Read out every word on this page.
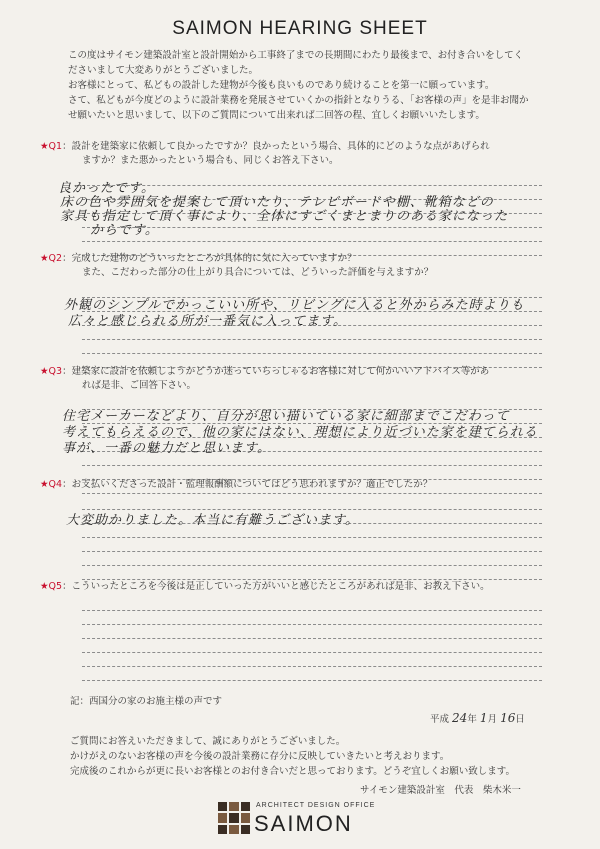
SAIMON HEARING SHEET
この度はサイモン建築設計室と設計開始から工事終了までの長期間にわたり最後まで、お付き合いをしてく
ださいまして大変ありがとうございました。
お客様にとって、私どもの設計した建物が今後も良いものであり続けることを第一に願っています。
さて、私どもが今度どのように設計業務を発展させていくかの指針となりうる、「お客様の声」を是非お聞か
せ願いたいと思いまして、以下のご質問について出来れば二回答の程、宜しくお願いいたします。
★Q1：設計を建築家に依頼して良かったですか？良かったという場合、具体的にどのような点があげられ
ますか？また悪かったという場合も、同じくお答え下さい。
良かったです。
床の色や雰囲気を提案して頂いたり、テレビボードや棚、靴箱などの
家具も指定して頂く事により、全体にすごくまとまりのある家になった
からです。
★Q2：完成した建物のどういったところが具体的に気に入っていますか？
また、こだわった部分の仕上がり具合については、どういった評価を与えますか？
外観のシンプルでかっこいい所や、リビングに入ると外からみた時よりも
広々と感じられる所が一番気に入ってます。
★Q3：建築家に設計を依頼しようかどうか迷っていらっしゃるお客様に対して何かいいアドバイス等があ
れば是非、ご回答下さい。
住宅メーカーなどより、自分が思い描いている家に細部までこだわって
考えてもらえるので、他の家にはない、理想により近づいた家を建てられる
事が、一番の魅力だと思います。
★Q4：お支払いくださった設計・監理報酬額についてはどう思われますか？適正でしたか？
大変助かりました。本当に有難うございます。
★Q5：こういったところを今後は是正していった方がいいと感じたところがあれば是非、お教え下さい。
記：西国分の家のお施主様の声です
平成 24年 1月 16日
ご質問にお答えいただきまして、誠にありがとうございました。
かけがえのないお客様の声を今後の設計業務に存分に反映していきたいと考えおります。
完成後のこれからが更に長いお客様とのお付き合いだと思っております。どうぞ宜しくお願い致します。
サイモン建築設計室　代表　柴木米一
ARCHITECT DESIGN OFFICE
SAIMON
